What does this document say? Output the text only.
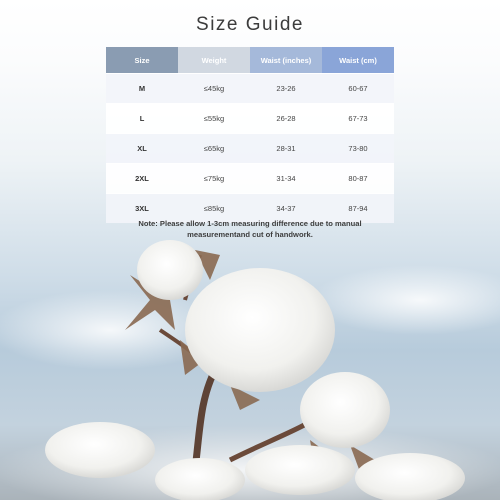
Size Guide
Size	Weight	Waist (inches)	Waist (cm)
M	≤45kg	23-26	60-67
L	≤55kg	26-28	67-73
XL	≤65kg	28-31	73-80
2XL	≤75kg	31-34	80-87
3XL	≤85kg	34-37	87-94
Note: Please allow 1-3cm measuring difference due to manual
measurementand cut of handwork.
